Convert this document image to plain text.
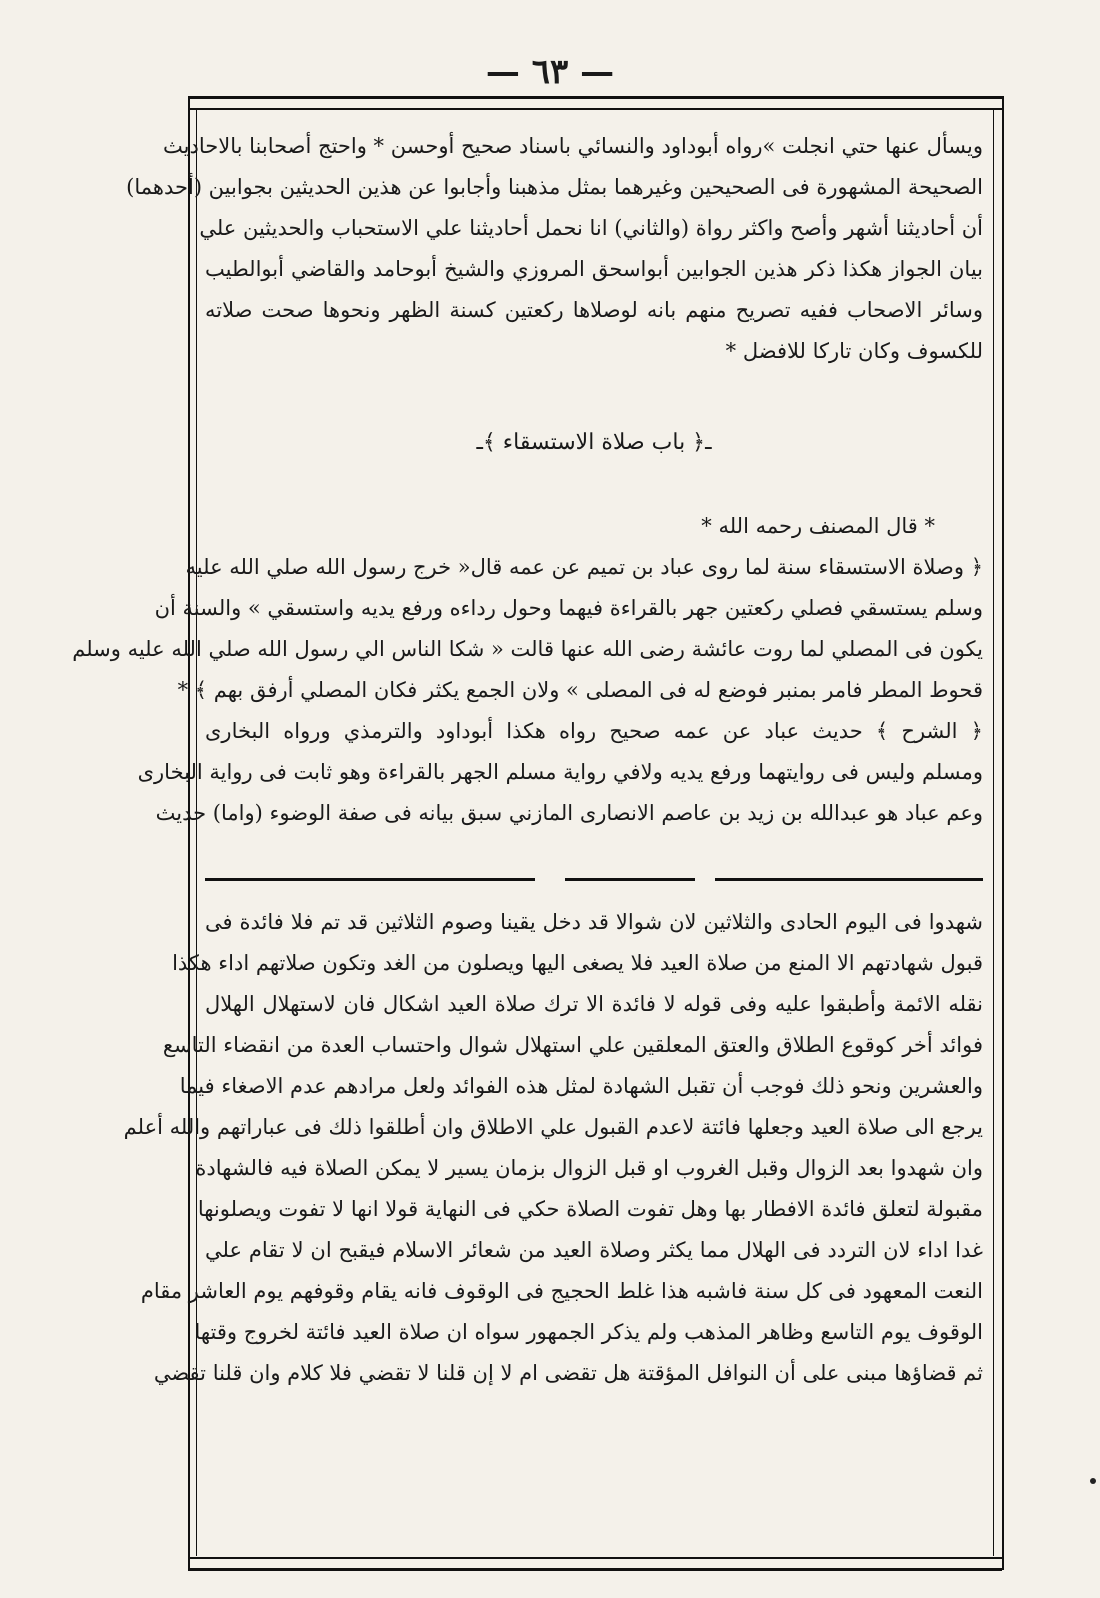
— ٦٣ —

ويسأل عنها حتي انجلت »رواه أبوداود والنسائي باسناد صحيح أوحسن * واحتج أصحابنا بالاحاديث

الصحيحة المشهورة فى الصحيحين وغيرهما بمثل مذهبنا وأجابوا عن هذين الحديثين بجوابين (أحدهما)

أن أحاديثنا أشهر وأصح واكثر رواة (والثاني) انا نحمل أحاديثنا علي الاستحباب والحديثين علي

بيان الجواز هكذا ذكر هذين الجوابين أبواسحق المروزي والشيخ أبوحامد والقاضي أبوالطيب

وسائر الاصحاب ففيه تصريح منهم بانه لوصلاها ركعتين كسنة الظهر ونحوها صحت صلاته

للكسوف وكان تاركا للافضل *

ـ﴿ باب صلاة الاستسقاء ﴾ـ

* قال المصنف رحمه الله *

﴿ وصلاة الاستسقاء سنة لما روى عباد بن تميم عن عمه قال« خرج رسول الله صلي الله عليه

وسلم يستسقي فصلي ركعتين جهر بالقراءة فيهما وحول رداءه ورفع يديه واستسقي » والسنة أن

يكون فى المصلي لما روت عائشة رضى الله عنها قالت « شكا الناس الي رسول الله صلي الله عليه وسلم

قحوط المطر فامر بمنبر فوضع له فى المصلى » ولان الجمع يكثر فكان المصلي أرفق بهم ﴾ *

﴿ الشرح ﴾ حديث عباد عن عمه صحيح رواه هكذا أبوداود والترمذي ورواه البخارى

ومسلم وليس فى روايتهما ورفع يديه ولافي رواية مسلم الجهر بالقراءة وهو ثابت فى رواية البخارى

وعم عباد هو عبدالله بن زيد بن عاصم الانصارى المازني سبق بيانه فى صفة الوضوء (واما) حديث

شهدوا فى اليوم الحادى والثلاثين لان شوالا قد دخل يقينا وصوم الثلاثين قد تم فلا فائدة فى

قبول شهادتهم الا المنع من صلاة العيد فلا يصغى اليها ويصلون من الغد وتكون صلاتهم اداء هكذا

نقله الائمة وأطبقوا عليه وفى قوله لا فائدة الا ترك صلاة العيد اشكال فان لاستهلال الهلال

فوائد أخر كوقوع الطلاق والعتق المعلقين علي استهلال شوال واحتساب العدة من انقضاء التاسع

والعشرين ونحو ذلك فوجب أن تقبل الشهادة لمثل هذه الفوائد ولعل مرادهم عدم الاصغاء فيما

يرجع الى صلاة العيد وجعلها فائتة لاعدم القبول علي الاطلاق وان أطلقوا ذلك فى عباراتهم والله أعلم

وان شهدوا بعد الزوال وقبل الغروب او قبل الزوال بزمان يسير لا يمكن الصلاة فيه فالشهادة

مقبولة لتعلق فائدة الافطار بها وهل تفوت الصلاة حكي فى النهاية قولا انها لا تفوت ويصلونها

غدا اداء لان التردد فى الهلال مما يكثر وصلاة العيد من شعائر الاسلام فيقبح ان لا تقام علي

النعت المعهود فى كل سنة فاشبه هذا غلط الحجيج فى الوقوف فانه يقام وقوفهم يوم العاشر مقام

الوقوف يوم التاسع وظاهر المذهب ولم يذكر الجمهور سواه ان صلاة العيد فائتة لخروج وقتها

ثم قضاؤها مبنى على أن النوافل المؤقتة هل تقضى ام لا إن قلنا لا تقضي فلا كلام وان قلنا تقضي
